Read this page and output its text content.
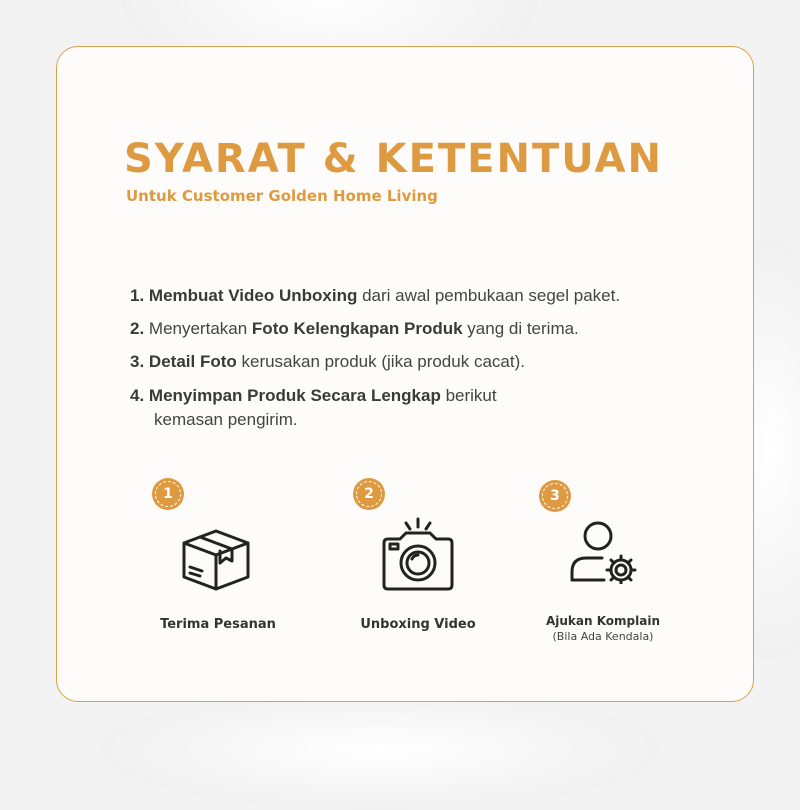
SYARAT & KETENTUAN
Untuk Customer Golden Home Living
1. Membuat Video Unboxing dari awal pembukaan segel paket.
2. Menyertakan Foto Kelengkapan Produk yang di terima.
3. Detail Foto kerusakan produk (jika produk cacat).
4. Menyimpan Produk Secara Lengkap berikut
kemasan pengirim.
1
Terima Pesanan
2
Unboxing Video
3
Ajukan Komplain
(Bila Ada Kendala)
